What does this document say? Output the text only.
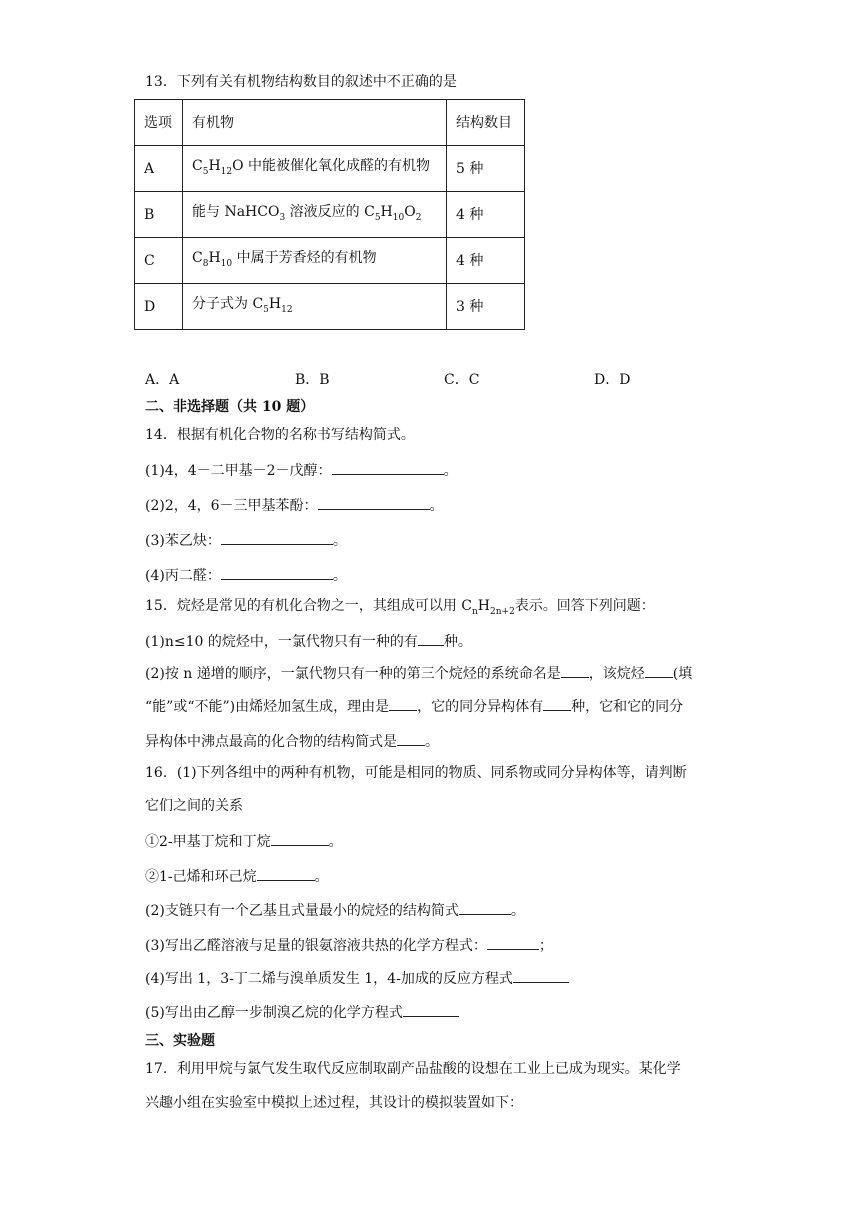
13．下列有关有机物结构数目的叙述中不正确的是
选项	有机物	结构数目
A	$C_5H_{12}O$ 中能被催化氧化成醛的有机物	5 种
B	能与 NaHCO$_3$ 溶液反应的 $C_5H_{10}O_2$	4 种
C	$C_8H_{10}$ 中属于芳香烃的有机物	4 种
D	分子式为 $C_5H_{12}$	3 种
A．A	B．B	C．C	D．D
二、非选择题（共 10 题）
14．根据有机化合物的名称书写结构简式。
(1)4，4－二甲基－2－戊醇：	。
(2)2，4，6－三甲基苯酚：	。
(3)苯乙炔：	。
(4)丙二醛：	。
15．烷烃是常见的有机化合物之一，其组成可以用 $C_nH_{2n+2}$表示。回答下列问题：
(1)n≤10 的烷烃中，一氯代物只有一种的有 种。
(2)按 n 递增的顺序，一氯代物只有一种的第三个烷烃的系统命名是 ，该烷烃 (填
“能”或“不能”)由烯烃加氢生成，理由是 ，它的同分异构体有 种，它和它的同分
异构体中沸点最高的化合物的结构简式是 。
16．(1)下列各组中的两种有机物，可能是相同的物质、同系物或同分异构体等，请判断
它们之间的关系
①2-甲基丁烷和丁烷	。
②1-己烯和环己烷	。
(2)支链只有一个乙基且式量最小的烷烃的结构简式	。
(3)写出乙醛溶液与足量的银氨溶液共热的化学方程式：	；
(4)写出 1，3-丁二烯与溴单质发生 1，4-加成的反应方程式
(5)写出由乙醇一步制溴乙烷的化学方程式
三、实验题
17．利用甲烷与氯气发生取代反应制取副产品盐酸的设想在工业上已成为现实。某化学
兴趣小组在实验室中模拟上述过程，其设计的模拟装置如下：
